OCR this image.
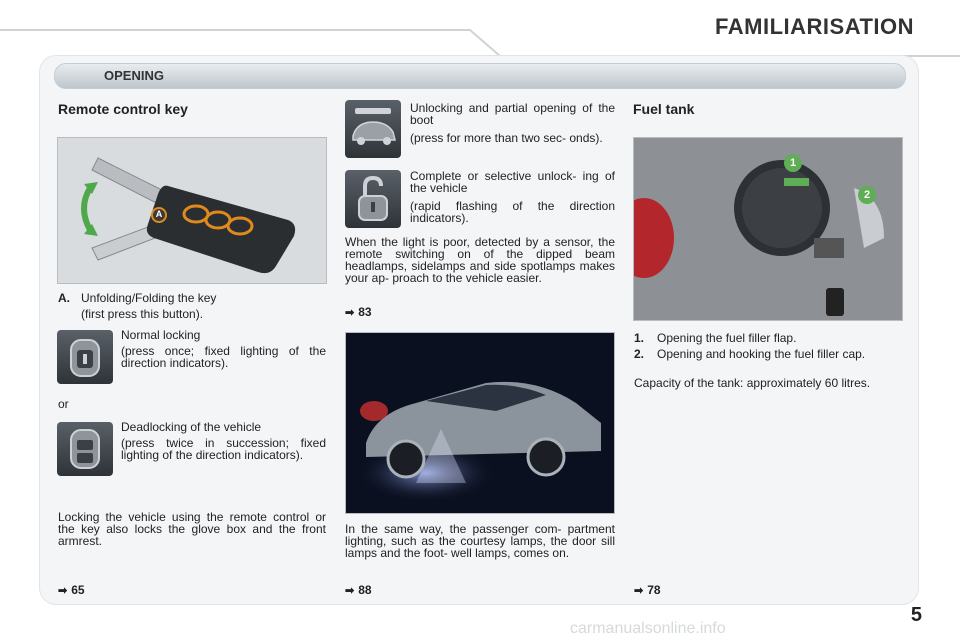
FAMILIARISATION
OPENING
Remote control key
A
A. Unfolding/Folding the key
(first press this button).
Normal locking
(press once; fixed lighting of the direction indicators).
or
Deadlocking of the vehicle
(press twice in succession; fixed lighting of the direction indicators).
Locking the vehicle using the remote control or the key also locks the glove box and the front armrest.
➡ 65
Unlocking and partial opening of the boot
(press for more than two sec- onds).
Complete or selective unlock- ing of the vehicle
(rapid flashing of the direction indicators).
When the light is poor, detected by a sensor, the remote switching on of the dipped beam headlamps, sidelamps and side spotlamps makes your ap- proach to the vehicle easier.
➡ 83
In the same way, the passenger com- partment lighting, such as the courtesy lamps, the door sill lamps and the foot- well lamps, comes on.
➡ 88
Fuel tank
1
2
1. Opening the fuel filler flap.
2. Opening and hooking the fuel filler cap.
Capacity of the tank: approximately 60 litres.
➡ 78
5
carmanualsonline.info
